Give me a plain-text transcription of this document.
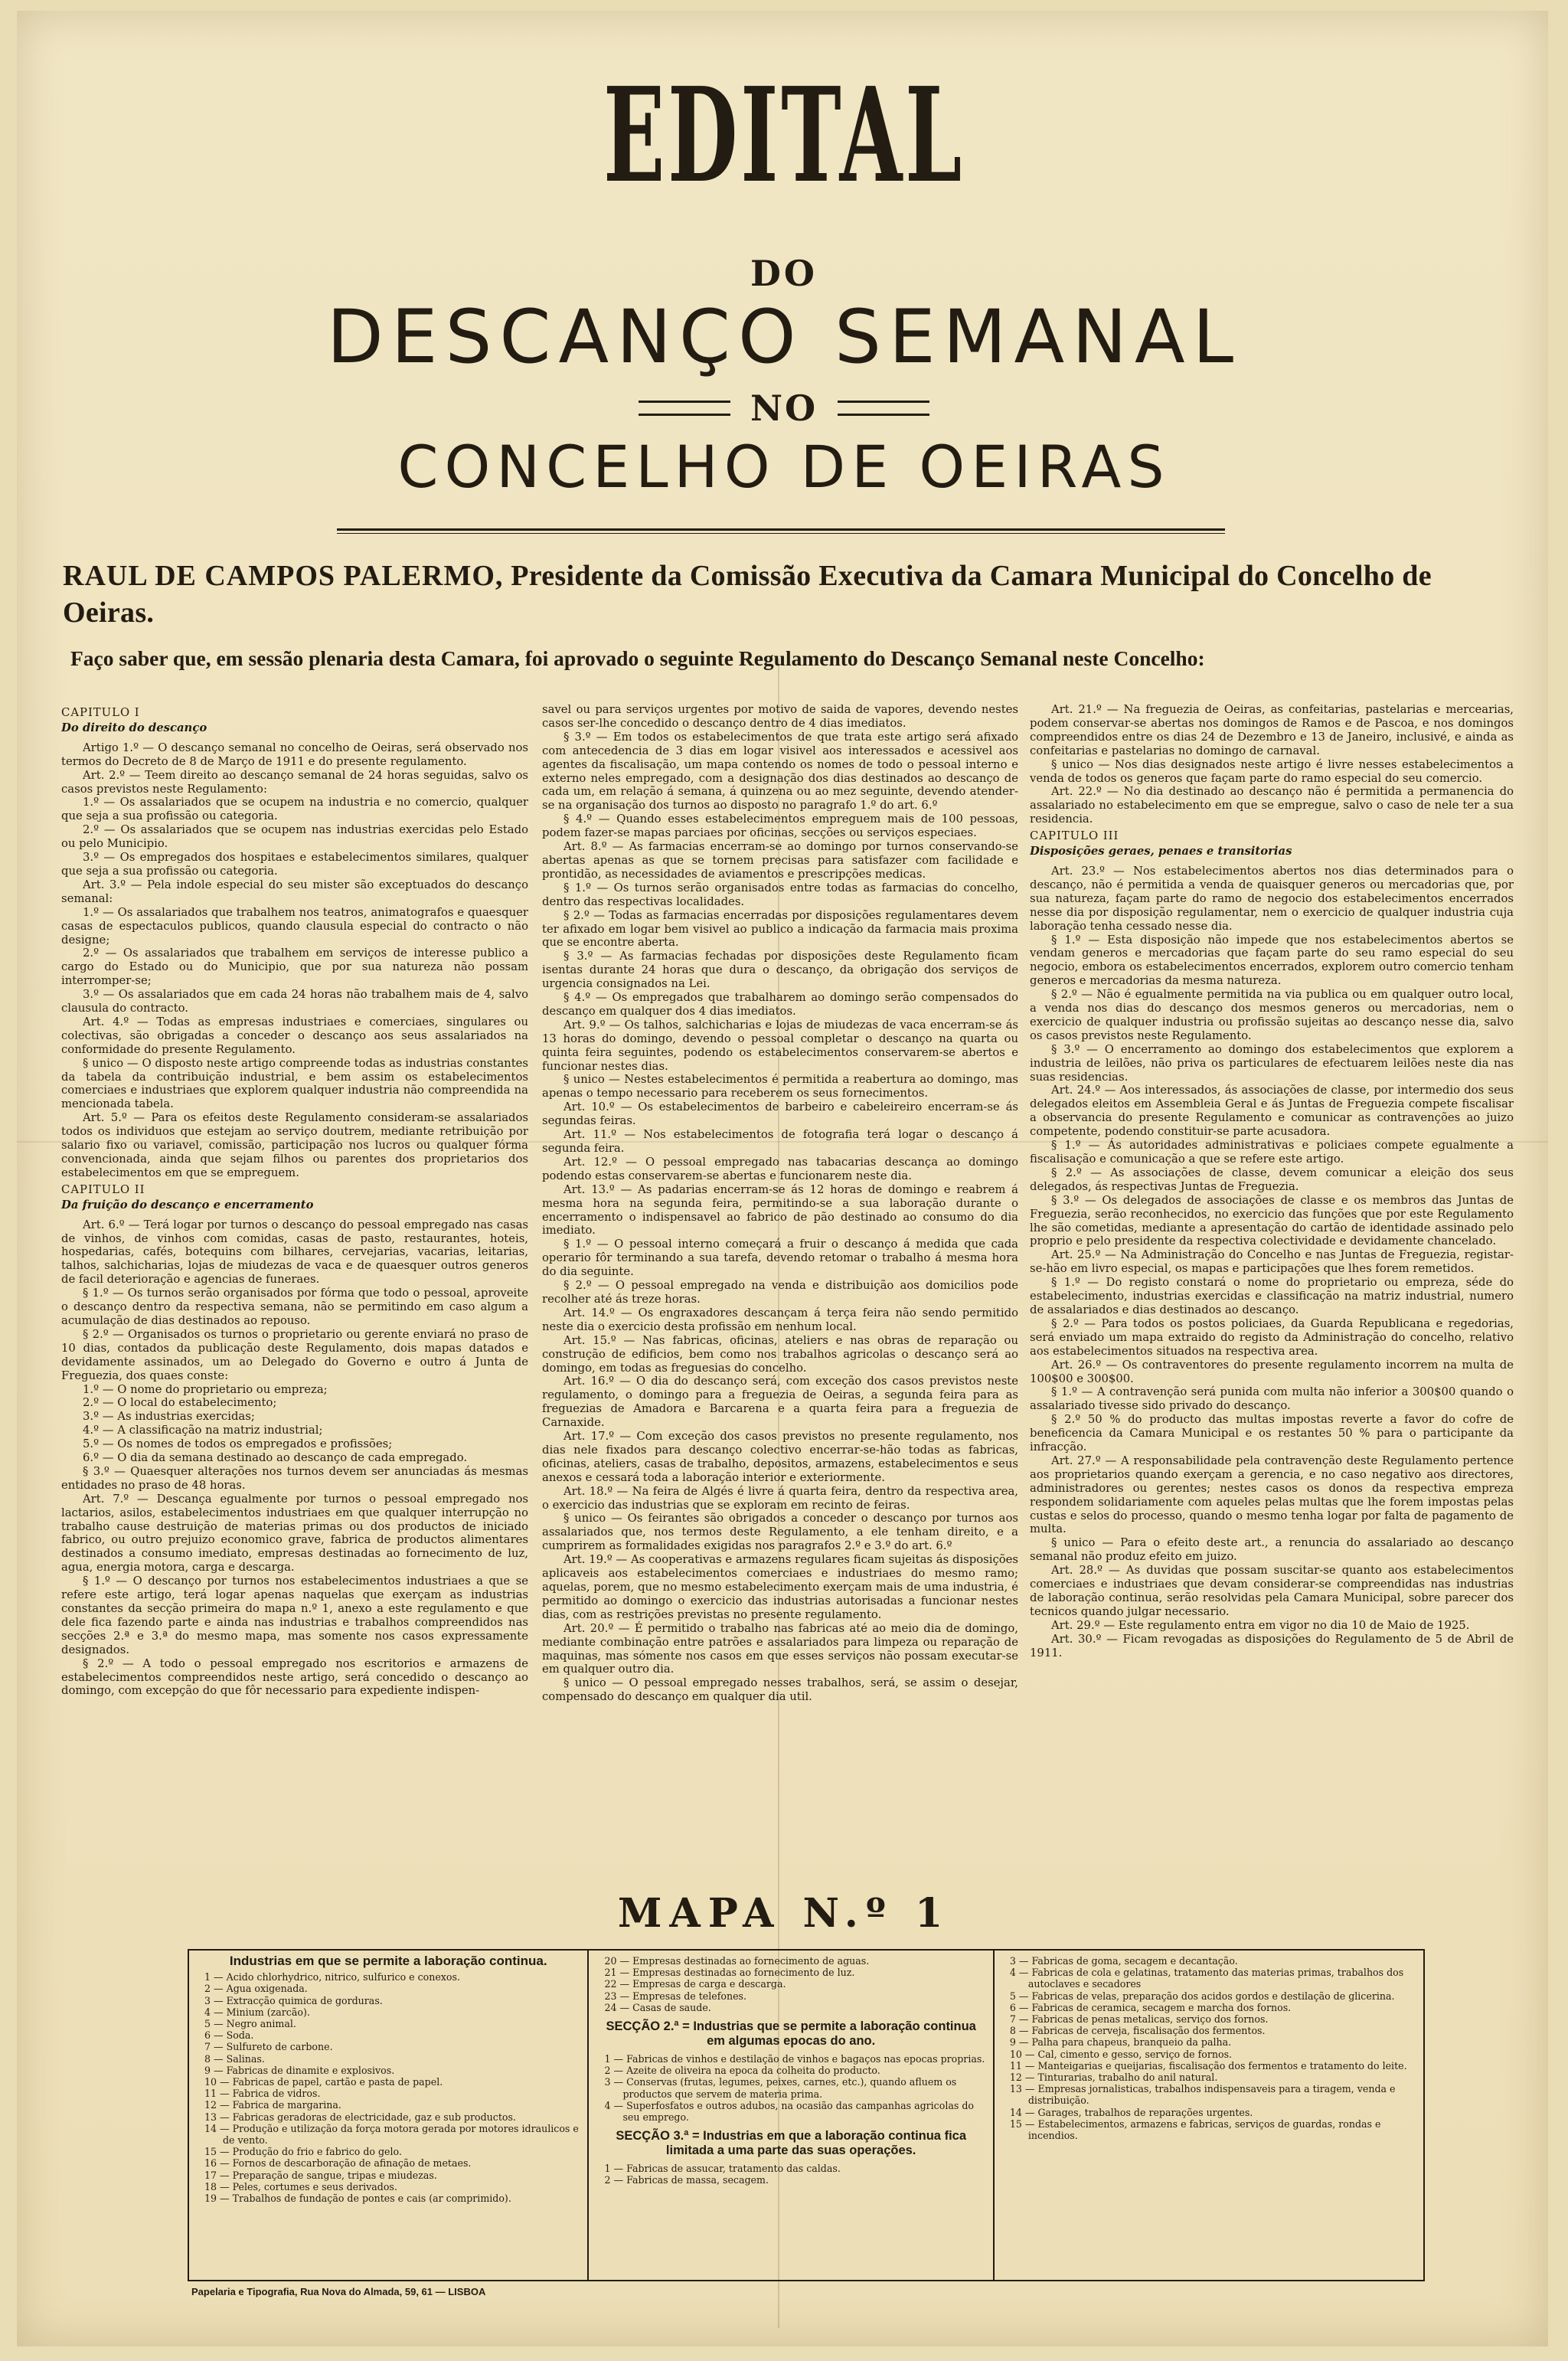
EDITAL
DO
DESCANÇO SEMANAL
NO
CONCELHO DE OEIRAS
RAUL DE CAMPOS PALERMO, Presidente da Comissão Executiva da Camara Municipal do Concelho de Oeiras.
Faço saber que, em sessão plenaria desta Camara, foi aprovado o seguinte Regulamento do Descanço Semanal neste Concelho:

CAPITULO I

Do direito do descanço

Artigo 1.º — O descanço semanal no concelho de Oeiras, será observado nos termos do Decreto de 8 de Março de 1911 e do presente regulamento.

Art. 2.º — Teem direito ao descanço semanal de 24 horas seguidas, salvo os casos previstos neste Regulamento:

1.º — Os assalariados que se ocupem na industria e no comercio, qualquer que seja a sua profissão ou categoria.

2.º — Os assalariados que se ocupem nas industrias exercidas pelo Estado ou pelo Municipio.

3.º — Os empregados dos hospitaes e estabelecimentos similares, qualquer que seja a sua profissão ou categoria.

Art. 3.º — Pela indole especial do seu mister são exceptuados do descanço semanal:

1.º — Os assalariados que trabalhem nos teatros, animatografos e quaesquer casas de espectaculos publicos, quando clausula especial do contracto o não designe;

2.º — Os assalariados que trabalhem em serviços de interesse publico a cargo do Estado ou do Municipio, que por sua natureza não possam interromper-se;

3.º — Os assalariados que em cada 24 horas não trabalhem mais de 4, salvo clausula do contracto.

Art. 4.º — Todas as empresas industriaes e comerciaes, singulares ou colectivas, são obrigadas a conceder o descanço aos seus assalariados na conformidade do presente Regulamento.

§ unico — O disposto neste artigo compreende todas as industrias constantes da tabela da contribuição industrial, e bem assim os estabelecimentos comerciaes e industriaes que explorem qualquer industria não compreendida na mencionada tabela.

Art. 5.º — Para os efeitos deste Regulamento consideram-se assalariados todos os individuos que estejam ao serviço doutrem, mediante retribuição por salario fixo ou variavel, comissão, participação nos lucros ou qualquer fórma convencionada, ainda que sejam filhos ou parentes dos proprietarios dos estabelecimentos em que se empreguem.

CAPITULO II

Da fruição do descanço e encerramento

Art. 6.º — Terá logar por turnos o descanço do pessoal empregado nas casas de vinhos, de vinhos com comidas, casas de pasto, restaurantes, hoteis, hospedarias, cafés, botequins com bilhares, cervejarias, vacarias, leitarias, talhos, salchicharias, lojas de miudezas de vaca e de quaesquer outros generos de facil deterioração e agencias de funeraes.

§ 1.º — Os turnos serão organisados por fórma que todo o pessoal, aproveite o descanço dentro da respectiva semana, não se permitindo em caso algum a acumulação de dias destinados ao repouso.

§ 2.º — Organisados os turnos o proprietario ou gerente enviará no praso de 10 dias, contados da publicação deste Regulamento, dois mapas datados e devidamente assinados, um ao Delegado do Governo e outro á Junta de Freguezia, dos quaes conste:

1.º — O nome do proprietario ou empreza;

2.º — O local do estabelecimento;

3.º — As industrias exercidas;

4.º — A classificação na matriz industrial;

5.º — Os nomes de todos os empregados e profissões;

6.º — O dia da semana destinado ao descanço de cada empregado.

§ 3.º — Quaesquer alterações nos turnos devem ser anunciadas ás mesmas entidades no praso de 48 horas.

Art. 7.º — Descança egualmente por turnos o pessoal empregado nos lactarios, asilos, estabelecimentos industriaes em que qualquer interrupção no trabalho cause destruição de materias primas ou dos productos de iniciado fabrico, ou outro prejuizo economico grave, fabrica de productos alimentares destinados a consumo imediato, empresas destinadas ao fornecimento de luz, agua, energia motora, carga e descarga.

§ 1.º — O descanço por turnos nos estabelecimentos industriaes a que se refere este artigo, terá logar apenas naquelas que exerçam as industrias constantes da secção primeira do mapa n.º 1, anexo a este regulamento e que dele fica fazendo parte e ainda nas industrias e trabalhos compreendidos nas secções 2.ª e 3.ª do mesmo mapa, mas somente nos casos expressamente designados.

§ 2.º — A todo o pessoal empregado nos escritorios e armazens de estabelecimentos compreendidos neste artigo, será concedido o descanço ao domingo, com excepção do que fôr necessario para expediente indispen-

savel ou para serviços urgentes por motivo de saida de vapores, devendo nestes casos ser-lhe concedido o descanço dentro de 4 dias imediatos.

§ 3.º — Em todos os estabelecimentos de que trata este artigo será afixado com antecedencia de 3 dias em logar visivel aos interessados e acessivel aos agentes da fiscalisação, um mapa contendo os nomes de todo o pessoal interno e externo neles empregado, com a designação dos dias destinados ao descanço de cada um, em relação á semana, á quinzena ou ao mez seguinte, devendo atender-se na organisação dos turnos ao disposto no paragrafo 1.º do art. 6.º

§ 4.º — Quando esses estabelecimentos empreguem mais de 100 pessoas, podem fazer-se mapas parciaes por oficinas, secções ou serviços especiaes.

Art. 8.º — As farmacias encerram-se ao domingo por turnos conservando-se abertas apenas as que se tornem precisas para satisfazer com facilidade e prontidão, as necessidades de aviamentos e prescripções medicas.

§ 1.º — Os turnos serão organisados entre todas as farmacias do concelho, dentro das respectivas localidades.

§ 2.º — Todas as farmacias encerradas por disposições regulamentares devem ter afixado em logar bem visivel ao publico a indicação da farmacia mais proxima que se encontre aberta.

§ 3.º — As farmacias fechadas por disposições deste Regulamento ficam isentas durante 24 horas que dura o descanço, da obrigação dos serviços de urgencia consignados na Lei.

§ 4.º — Os empregados que trabalharem ao domingo serão compensados do descanço em qualquer dos 4 dias imediatos.

Art. 9.º — Os talhos, salchicharias e lojas de miudezas de vaca encerram-se ás 13 horas do domingo, devendo o pessoal completar o descanço na quarta ou quinta feira seguintes, podendo os estabelecimentos conservarem-se abertos e funcionar nestes dias.

§ unico — Nestes estabelecimentos é permitida a reabertura ao domingo, mas apenas o tempo necessario para receberem os seus fornecimentos.

Art. 10.º — Os estabelecimentos de barbeiro e cabeleireiro encerram-se ás segundas feiras.

Art. 11.º — Nos estabelecimentos de fotografia terá logar o descanço á segunda feira.

Art. 12.º — O pessoal empregado nas tabacarias descança ao domingo podendo estas conservarem-se abertas e funcionarem neste dia.

Art. 13.º — As padarias encerram-se ás 12 horas de domingo e reabrem á mesma hora na segunda feira, permitindo-se a sua laboração durante o encerramento o indispensavel ao fabrico de pão destinado ao consumo do dia imediato.

§ 1.º — O pessoal interno começará a fruir o descanço á medida que cada operario fôr terminando a sua tarefa, devendo retomar o trabalho á mesma hora do dia seguinte.

§ 2.º — O pessoal empregado na venda e distribuição aos domicilios pode recolher até ás treze horas.

Art. 14.º — Os engraxadores descançam á terça feira não sendo permitido neste dia o exercicio desta profissão em nenhum local.

Art. 15.º — Nas fabricas, oficinas, ateliers e nas obras de reparação ou construção de edificios, bem como nos trabalhos agricolas o descanço será ao domingo, em todas as freguesias do concelho.

Art. 16.º — O dia do descanço será, com exceção dos casos previstos neste regulamento, o domingo para a freguezia de Oeiras, a segunda feira para as freguezias de Amadora e Barcarena e a quarta feira para a freguezia de Carnaxide.

Art. 17.º — Com exceção dos casos previstos no presente regulamento, nos dias nele fixados para descanço colectivo encerrar-se-hão todas as fabricas, oficinas, ateliers, casas de trabalho, depositos, armazens, estabelecimentos e seus anexos e cessará toda a laboração interior e exteriormente.

Art. 18.º — Na feira de Algés é livre á quarta feira, dentro da respectiva area, o exercicio das industrias que se exploram em recinto de feiras.

§ unico — Os feirantes são obrigados a conceder o descanço por turnos aos assalariados que, nos termos deste Regulamento, a ele tenham direito, e a cumprirem as formalidades exigidas nos paragrafos 2.º e 3.º do art. 6.º

Art. 19.º — As cooperativas e armazens regulares ficam sujeitas ás disposições aplicaveis aos estabelecimentos comerciaes e industriaes do mesmo ramo; aquelas, porem, que no mesmo estabelecimento exerçam mais de uma industria, é permitido ao domingo o exercicio das industrias autorisadas a funcionar nestes dias, com as restrições previstas no presente regulamento.

Art. 20.º — É permitido o trabalho nas fabricas até ao meio dia de domingo, mediante combinação entre patrões e assalariados para limpeza ou reparação de maquinas, mas sómente nos casos em que esses serviços não possam executar-se em qualquer outro dia.

§ unico — O pessoal empregado nesses trabalhos, será, se assim o desejar, compensado do descanço em qualquer dia util.

Art. 21.º — Na freguezia de Oeiras, as confeitarias, pastelarias e mercearias, podem conservar-se abertas nos domingos de Ramos e de Pascoa, e nos domingos compreendidos entre os dias 24 de Dezembro e 13 de Janeiro, inclusivé, e ainda as confeitarias e pastelarias no domingo de carnaval.

§ unico — Nos dias designados neste artigo é livre nesses estabelecimentos a venda de todos os generos que façam parte do ramo especial do seu comercio.

Art. 22.º — No dia destinado ao descanço não é permitida a permanencia do assalariado no estabelecimento em que se empregue, salvo o caso de nele ter a sua residencia.

CAPITULO III

Disposições geraes, penaes e transitorias

Art. 23.º — Nos estabelecimentos abertos nos dias determinados para o descanço, não é permitida a venda de quaisquer generos ou mercadorias que, por sua natureza, façam parte do ramo de negocio dos estabelecimentos encerrados nesse dia por disposição regulamentar, nem o exercicio de qualquer industria cuja laboração tenha cessado nesse dia.

§ 1.º — Esta disposição não impede que nos estabelecimentos abertos se vendam generos e mercadorias que façam parte do seu ramo especial do seu negocio, embora os estabelecimentos encerrados, explorem outro comercio tenham generos e mercadorias da mesma natureza.

§ 2.º — Não é egualmente permitida na via publica ou em qualquer outro local, a venda nos dias do descanço dos mesmos generos ou mercadorias, nem o exercicio de qualquer industria ou profissão sujeitas ao descanço nesse dia, salvo os casos previstos neste Regulamento.

§ 3.º — O encerramento ao domingo dos estabelecimentos que explorem a industria de leilões, não priva os particulares de efectuarem leilões neste dia nas suas residencias.

Art. 24.º — Aos interessados, ás associações de classe, por intermedio dos seus delegados eleitos em Assembleia Geral e ás Juntas de Freguezia compete fiscalisar a observancia do presente Regulamento e comunicar as contravenções ao juizo competente, podendo constituir-se parte acusadora.

§ 1.º — Ás autoridades administrativas e policiaes compete egualmente a fiscalisação e comunicação a que se refere este artigo.

§ 2.º — As associações de classe, devem comunicar a eleição dos seus delegados, ás respectivas Juntas de Freguezia.

§ 3.º — Os delegados de associações de classe e os membros das Juntas de Freguezia, serão reconhecidos, no exercicio das funções que por este Regulamento lhe são cometidas, mediante a apresentação do cartão de identidade assinado pelo proprio e pelo presidente da respectiva colectividade e devidamente chancelado.

Art. 25.º — Na Administração do Concelho e nas Juntas de Freguezia, registar-se-hão em livro especial, os mapas e participações que lhes forem remetidos.

§ 1.º — Do registo constará o nome do proprietario ou empreza, séde do estabelecimento, industrias exercidas e classificação na matriz industrial, numero de assalariados e dias destinados ao descanço.

§ 2.º — Para todos os postos policiaes, da Guarda Republicana e regedorias, será enviado um mapa extraido do registo da Administração do concelho, relativo aos estabelecimentos situados na respectiva area.

Art. 26.º — Os contraventores do presente regulamento incorrem na multa de 100$00 e 300$00.

§ 1.º — A contravenção será punida com multa não inferior a 300$00 quando o assalariado tivesse sido privado do descanço.

§ 2.º 50 % do producto das multas impostas reverte a favor do cofre de beneficencia da Camara Municipal e os restantes 50 % para o participante da infracção.

Art. 27.º — A responsabilidade pela contravenção deste Regulamento pertence aos proprietarios quando exerçam a gerencia, e no caso negativo aos directores, administradores ou gerentes; nestes casos os donos da respectiva empreza respondem solidariamente com aqueles pelas multas que lhe forem impostas pelas custas e selos do processo, quando o mesmo tenha logar por falta de pagamento de multa.

§ unico — Para o efeito deste art., a renuncia do assalariado ao descanço semanal não produz efeito em juizo.

Art. 28.º — As duvidas que possam suscitar-se quanto aos estabelecimentos comerciaes e industriaes que devam considerar-se compreendidas nas industrias de laboração continua, serão resolvidas pela Camara Municipal, sobre parecer dos tecnicos quando julgar necessario.

Art. 29.º — Este regulamento entra em vigor no dia 10 de Maio de 1925.

Art. 30.º — Ficam revogadas as disposições do Regulamento de 5 de Abril de 1911.

MAPA N.º 1
Industrias em que se permite a laboração continua.
1 — Acido chlorhydrico, nitrico, sulfurico e conexos.
2 — Agua oxigenada.
3 — Extracção quimica de gorduras.
4 — Minium (zarcão).
5 — Negro animal.
6 — Soda.
7 — Sulfureto de carbone.
8 — Salinas.
9 — Fabricas de dinamite e explosivos.
10 — Fabricas de papel, cartão e pasta de papel.
11 — Fabrica de vidros.
12 — Fabrica de margarina.
13 — Fabricas geradoras de electricidade, gaz e sub productos.
14 — Produção e utilização da força motora gerada por motores idraulicos e de vento.
15 — Produção do frio e fabrico do gelo.
16 — Fornos de descarboração de afinação de metaes.
17 — Preparação de sangue, tripas e miudezas.
18 — Peles, cortumes e seus derivados.
19 — Trabalhos de fundação de pontes e cais (ar comprimido).
20 — Empresas destinadas ao fornecimento de aguas.
21 — Empresas destinadas ao fornecimento de luz.
22 — Empresas de carga e descarga.
23 — Empresas de telefones.
24 — Casas de saude.
SECÇÃO 2.ª = Industrias que se permite a laboração continua em algumas epocas do ano.
1 — Fabricas de vinhos e destilação de vinhos e bagaços nas epocas proprias.
2 — Azeite de oliveira na epoca da colheita do producto.
3 — Conservas (frutas, legumes, peixes, carnes, etc.), quando afluem os productos que servem de materia prima.
4 — Superfosfatos e outros adubos, na ocasião das campanhas agricolas do seu emprego.
SECÇÃO 3.ª = Industrias em que a laboração continua fica limitada a uma parte das suas operações.
1 — Fabricas de assucar, tratamento das caldas.
2 — Fabricas de massa, secagem.
3 — Fabricas de goma, secagem e decantação.
4 — Fabricas de cola e gelatinas, tratamento das materias primas, trabalhos dos autoclaves e secadores
5 — Fabricas de velas, preparação dos acidos gordos e destilação de glicerina.
6 — Fabricas de ceramica, secagem e marcha dos fornos.
7 — Fabricas de penas metalicas, serviço dos fornos.
8 — Fabricas de cerveja, fiscalisação dos fermentos.
9 — Palha para chapeus, branqueio da palha.
10 — Cal, cimento e gesso, serviço de fornos.
11 — Manteigarias e queijarias, fiscalisação dos fermentos e tratamento do leite.
12 — Tinturarias, trabalho do anil natural.
13 — Empresas jornalisticas, trabalhos indispensaveis para a tiragem, venda e distribuição.
14 — Garages, trabalhos de reparações urgentes.
15 — Estabelecimentos, armazens e fabricas, serviços de guardas, rondas e incendios.
Papelaria e Tipografia, Rua Nova do Almada, 59, 61 — LISBOA
